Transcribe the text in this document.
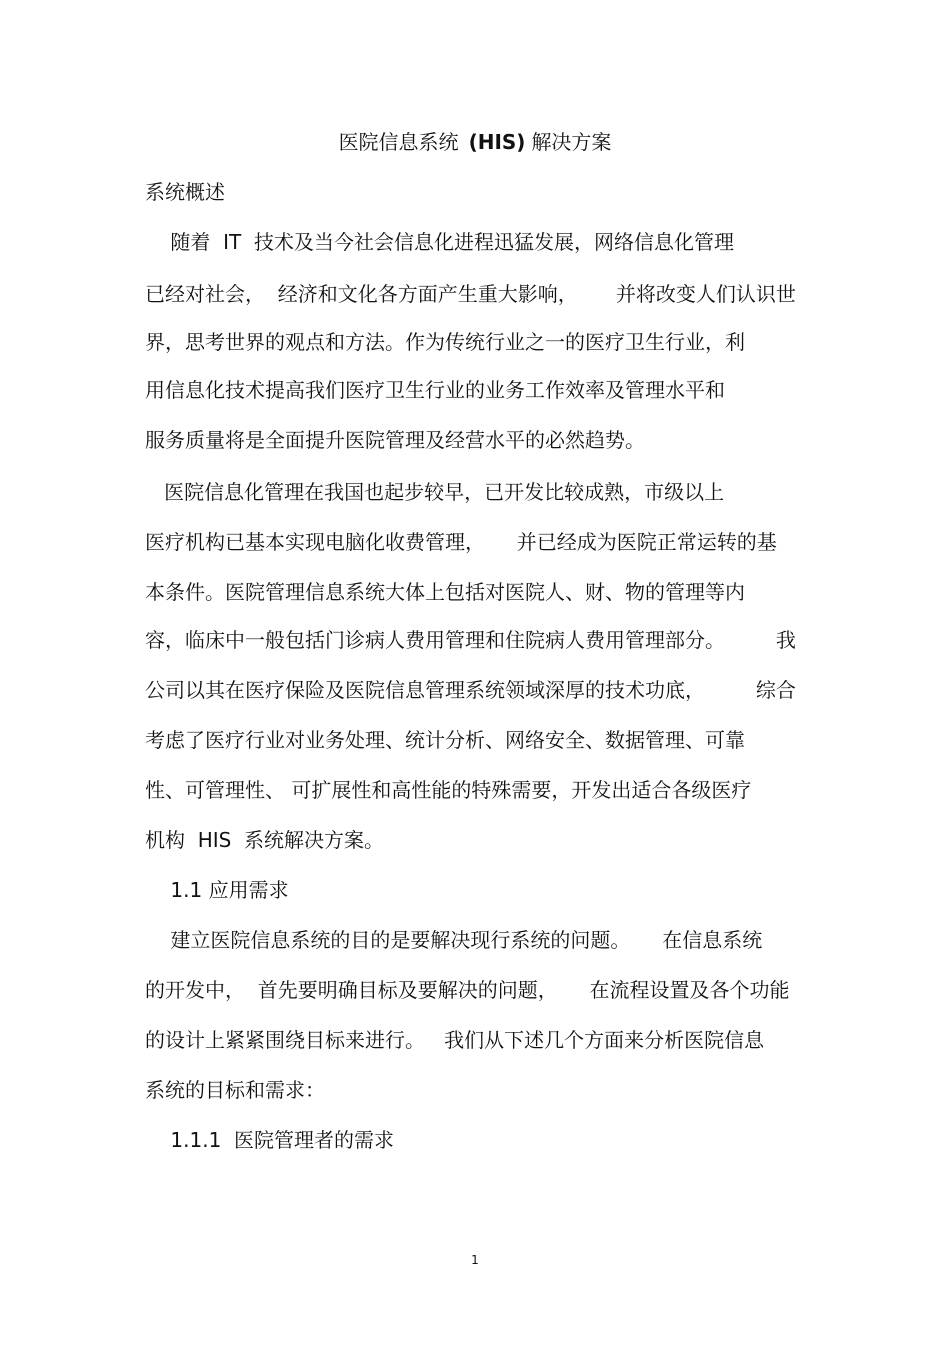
医院信息系统 (HIS) 解决方案
系统概述
随着  IT  技术及当今社会信息化进程迅猛发展，网络信息化管理
已经对社会，  经济和文化各方面产生重大影响，      并将改变人们认识世
界，思考世界的观点和方法。作为传统行业之一的医疗卫生行业，利
用信息化技术提高我们医疗卫生行业的业务工作效率及管理水平和
服务质量将是全面提升医院管理及经营水平的必然趋势。
医院信息化管理在我国也起步较早，已开发比较成熟，市级以上
医疗机构已基本实现电脑化收费管理，     并已经成为医院正常运转的基
本条件。医院管理信息系统大体上包括对医院人、财、物的管理等内
容，临床中一般包括门诊病人费用管理和住院病人费用管理部分。        我
公司以其在医疗保险及医院信息管理系统领域深厚的技术功底，        综合
考虑了医疗行业对业务处理、统计分析、网络安全、数据管理、可靠
性、可管理性、 可扩展性和高性能的特殊需要，开发出适合各级医疗
机构  HIS  系统解决方案。
1.1 应用需求
建立医院信息系统的目的是要解决现行系统的问题。     在信息系统
的开发中，  首先要明确目标及要解决的问题，     在流程设置及各个功能
的设计上紧紧围绕目标来进行。   我们从下述几个方面来分析医院信息
系统的目标和需求：
1.1.1  医院管理者的需求
1
